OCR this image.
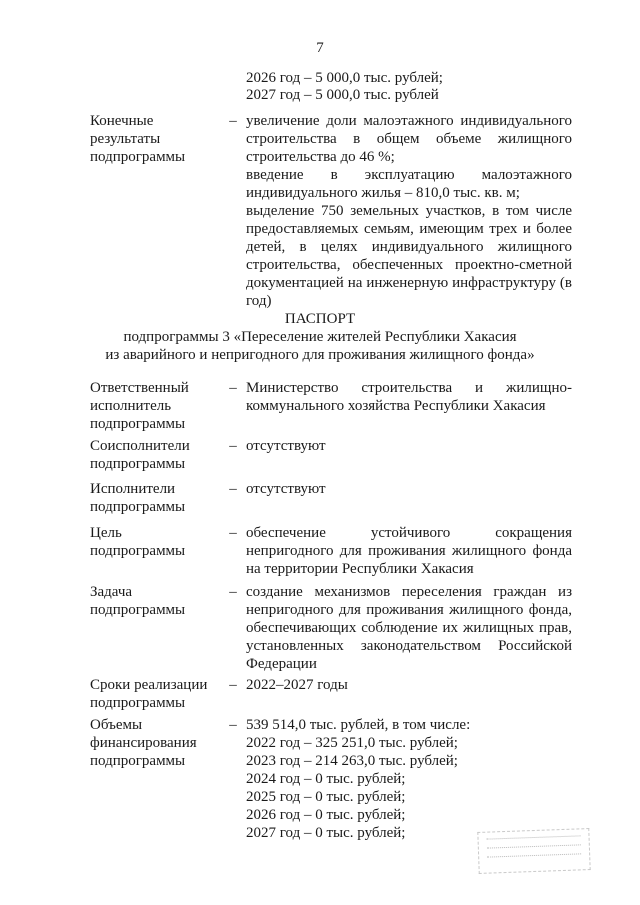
7
2026 год – 5 000,0 тыс. рублей;
2027 год – 5 000,0 тыс. рублей
Конечные результаты подпрограммы
– увеличение доли малоэтажного индивидуального строительства в общем объеме жилищного строительства до 46 %;
введение в эксплуатацию малоэтажного индивидуального жилья – 810,0 тыс. кв. м;
выделение 750 земельных участков, в том числе предоставляемых семьям, имеющим трех и более детей, в целях индивидуального жилищного строительства, обеспеченных проектно-сметной документацией на инженерную инфраструктуру (в год)
ПАСПОРТ
подпрограммы 3 «Переселение жителей Республики Хакасия
из аварийного и непригодного для проживания жилищного фонда»
Ответственный исполнитель подпрограммы
– Министерство строительства и жилищно-коммунального хозяйства Республики Хакасия
Соисполнители подпрограммы
– отсутствуют
Исполнители подпрограммы
– отсутствуют
Цель подпрограммы
– обеспечение устойчивого сокращения непригодного для проживания жилищного фонда на территории Республики Хакасия
Задача подпрограммы
– создание механизмов переселения граждан из непригодного для проживания жилищного фонда, обеспечивающих соблюдение их жилищных прав, установленных законодательством Российской Федерации
Сроки реализации подпрограммы
– 2022–2027 годы
Объемы финансирования подпрограммы
– 539 514,0 тыс. рублей, в том числе:
2022 год – 325 251,0 тыс. рублей;
2023 год – 214 263,0 тыс. рублей;
2024 год – 0 тыс. рублей;
2025 год – 0 тыс. рублей;
2026 год – 0 тыс. рублей;
2027 год – 0 тыс. рублей;
